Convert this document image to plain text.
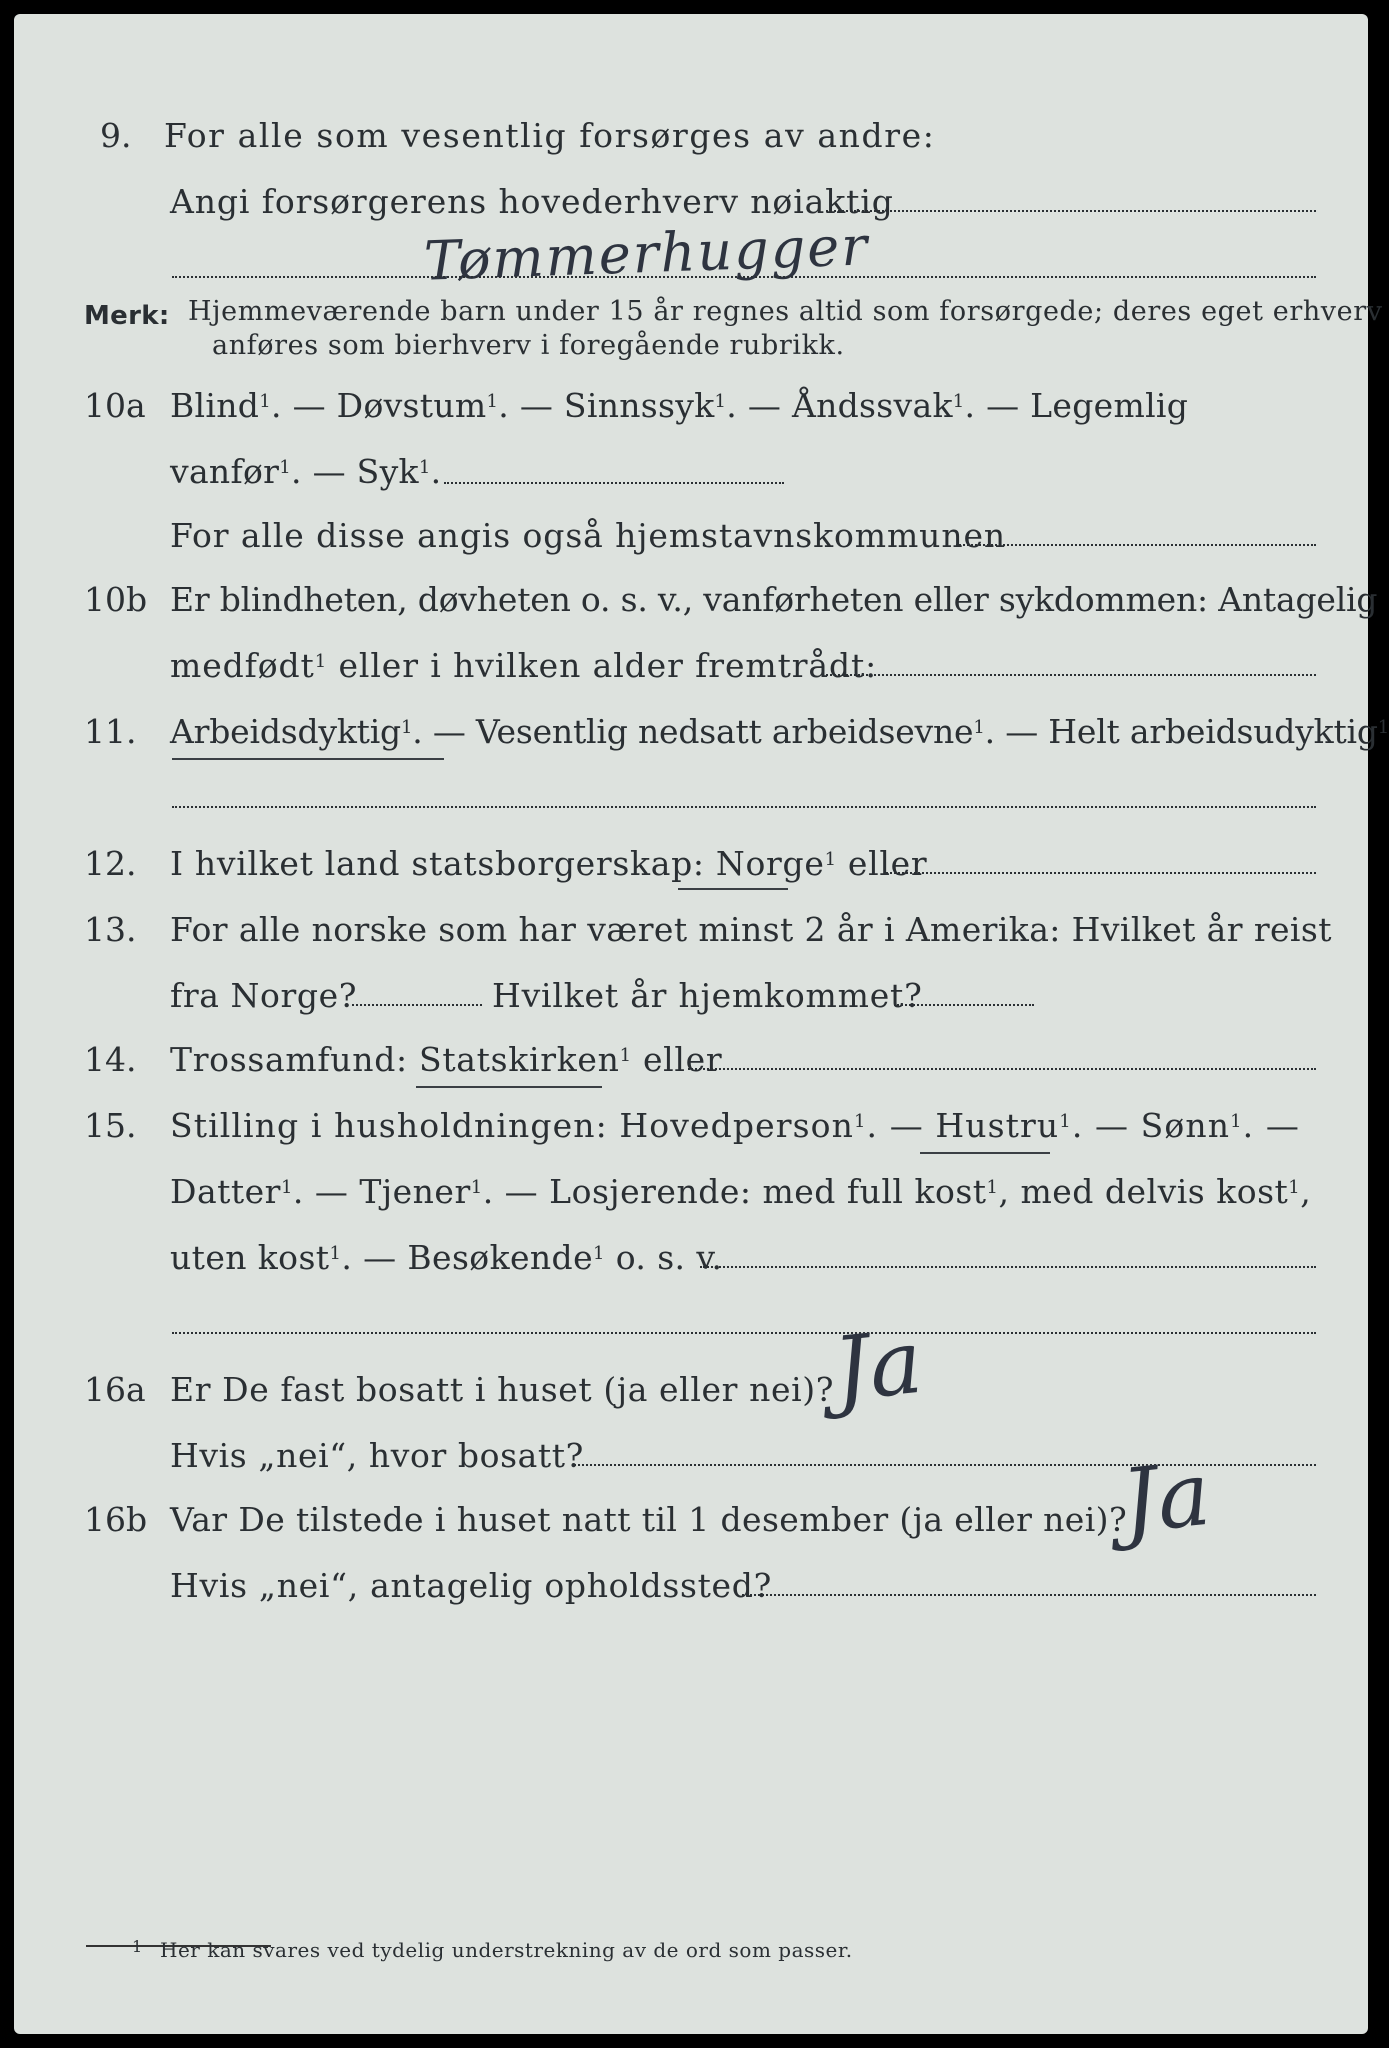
9. For alle som vesentlig forsørges av andre:
Angi forsørgerens hovederhverv nøiaktig
Tømmerhugger
Merk: Hjemmeværende barn under 15 år regnes altid som forsørgede; deres eget erhverv
anføres som bierhverv i foregående rubrikk.
10a Blind$^1$. — Døvstum$^1$. — Sinnssyk$^1$. — Åndssvak$^1$. — Legemlig
vanfør$^1$. — Syk$^1$.
For alle disse angis også hjemstavnskommunen
10b Er blindheten, døvheten o. s. v., vanførheten eller sykdommen: Antagelig
medfødt$^1$ eller i hvilken alder fremtrådt:
11. Arbeidsdyktig$^1$. — Vesentlig nedsatt arbeidsevne$^1$. — Helt arbeidsudyktig$^1$
12. I hvilket land statsborgerskap: Norge$^1$ eller
13. For alle norske som har været minst 2 år i Amerika: Hvilket år reist
fra Norge?	Hvilket år hjemkommet?
14. Trossamfund: Statskirken$^1$ eller
15. Stilling i husholdningen: Hovedperson$^1$. — Hustru$^1$. — Sønn$^1$. —
Datter$^1$. — Tjener$^1$. — Losjerende: med full kost$^1$, med delvis kost$^1$,
uten kost$^1$. — Besøkende$^1$ o. s. v.
16a Er De fast bosatt i huset (ja eller nei)?
Ja
Hvis „nei“, hvor bosatt?
16b Var De tilstede i huset natt til 1 desember (ja eller nei)?
Ja
Hvis „nei“, antagelig opholdssted?
1 Her kan svares ved tydelig understrekning av de ord som passer.
